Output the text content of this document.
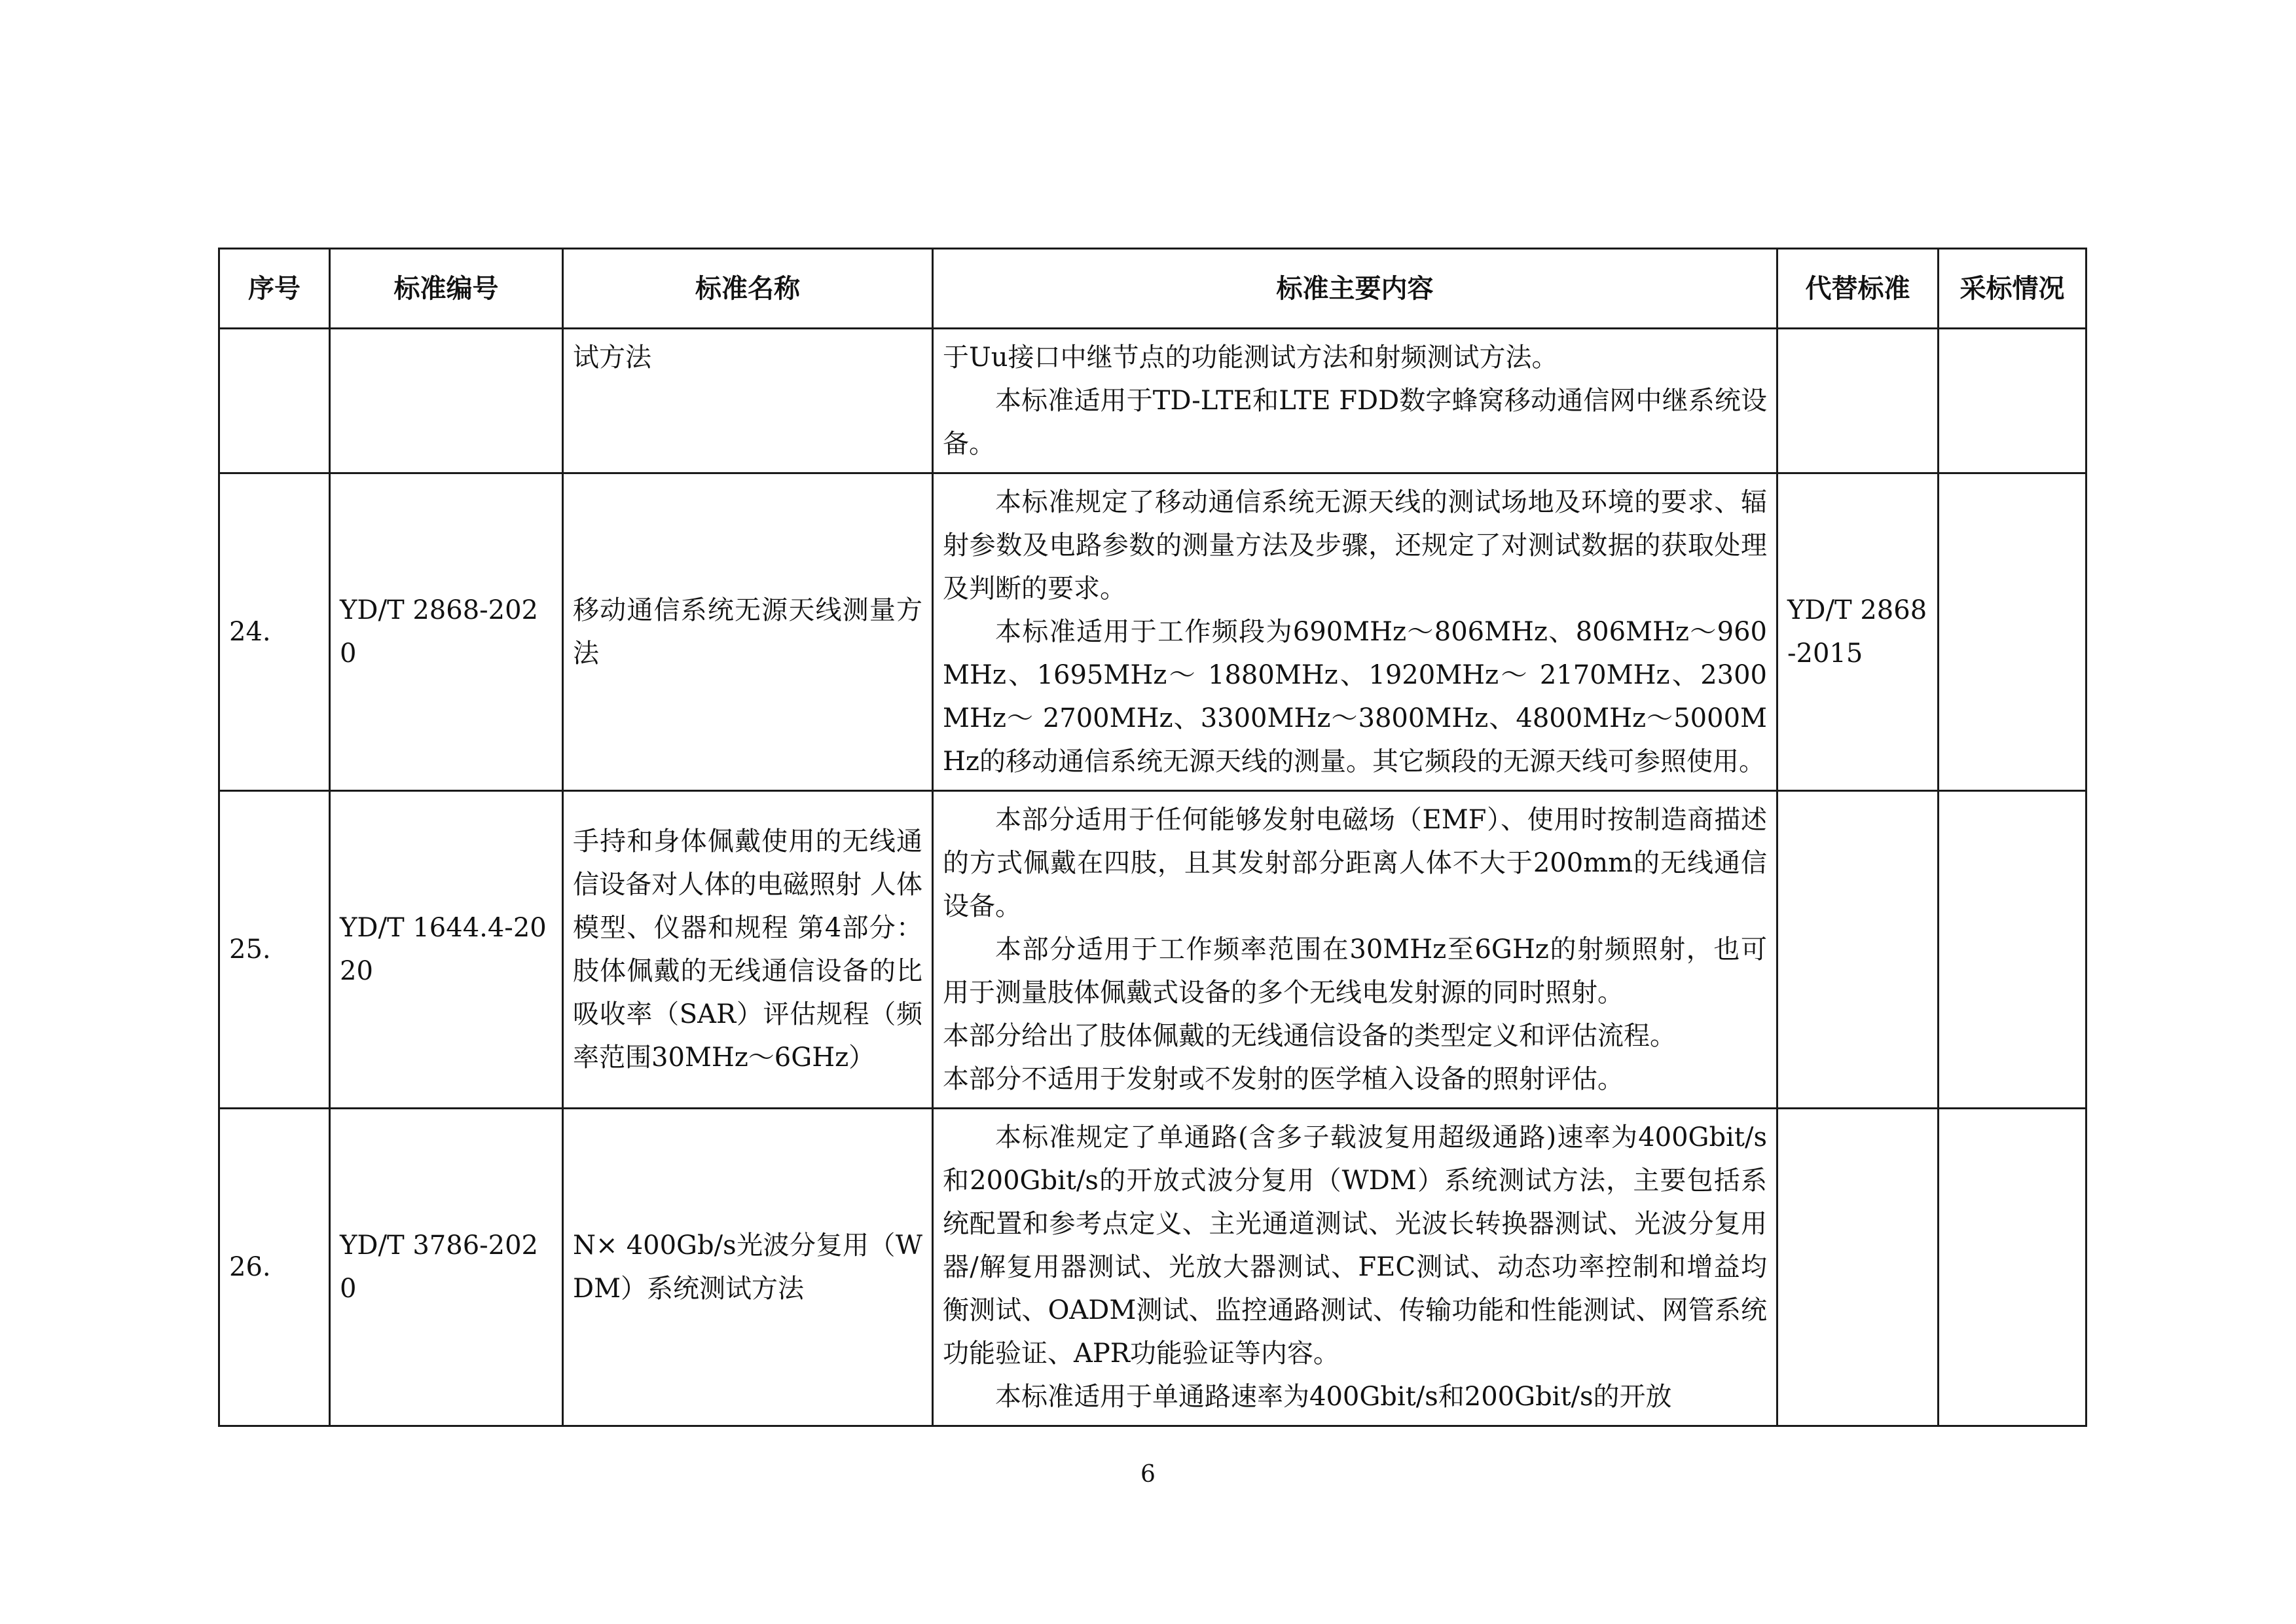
序号	标准编号	标准名称	标准主要内容	代替标准	采标情况
		试方法	于Uu接口中继节点的功能测试方法和射频测试方法。
本标准适用于TD-LTE和LTE FDD数字蜂窝移动通信网中继系统设备。		

24.	YD/T 2868-2020	移动通信系统无源天线测量方法	本标准规定了移动通信系统无源天线的测试场地及环境的要求、辐射参数及电路参数的测量方法及步骤，还规定了对测试数据的获取处理及判断的要求。
本标准适用于工作频段为690MHz～806MHz、806MHz～960MHz、1695MHz～ 1880MHz、1920MHz～ 2170MHz、2300MHz～ 2700MHz、3300MHz～3800MHz、4800MHz～5000MHz的移动通信系统无源天线的测量。其它频段的无源天线可参照使用。	YD/T 2868-2015	
25.	YD/T 1644.4-2020	手持和身体佩戴使用的无线通信设备对人体的电磁照射 人体模型、仪器和规程 第4部分：肢体佩戴的无线通信设备的比吸收率（SAR）评估规程（频率范围30MHz～6GHz）	本部分适用于任何能够发射电磁场（EMF）、使用时按制造商描述的方式佩戴在四肢，且其发射部分距离人体不大于200mm的无线通信设备。
本部分适用于工作频率范围在30MHz至6GHz的射频照射，也可用于测量肢体佩戴式设备的多个无线电发射源的同时照射。
本部分给出了肢体佩戴的无线通信设备的类型定义和评估流程。
本部分不适用于发射或不发射的医学植入设备的照射评估。		

26.	YD/T 3786-2020	N× 400Gb/s光波分复用（WDM）系统测试方法	本标准规定了单通路(含多子载波复用超级通路)速率为400Gbit/s和200Gbit/s的开放式波分复用（WDM）系统测试方法，主要包括系统配置和参考点定义、主光通道测试、光波长转换器测试、光波分复用器/解复用器测试、光放大器测试、FEC测试、动态功率控制和增益均衡测试、OADM测试、监控通路测试、传输功能和性能测试、网管系统功能验证、APR功能验证等内容。
本标准适用于单通路速率为400Gbit/s和200Gbit/s的开放		

6
